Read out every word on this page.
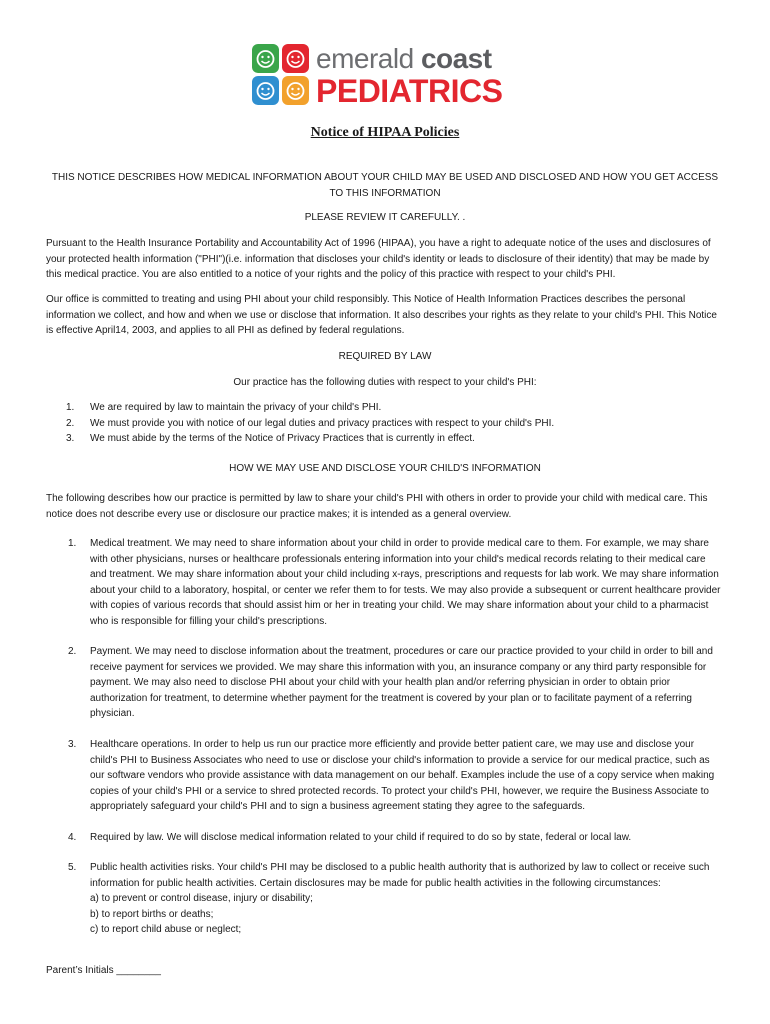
emerald coast
PEDIATRICS
Notice of HIPAA Policies
THIS NOTICE DESCRIBES HOW MEDICAL INFORMATION ABOUT YOUR CHILD MAY BE USED AND DISCLOSED AND HOW YOU GET ACCESS TO THIS INFORMATION
PLEASE REVIEW IT CAREFULLY. .
Pursuant to the Health Insurance Portability and Accountability Act of 1996 (HIPAA), you have a right to adequate notice of the uses and disclosures of your protected health information ("PHI")(i.e. information that discloses your child's identity or leads to disclosure of their identity) that may be made by this medical practice. You are also entitled to a notice of your rights and the policy of this practice with respect to your child's PHI.
Our office is committed to treating and using PHI about your child responsibly. This Notice of Health Information Practices describes the personal information we collect, and how and when we use or disclose that information. It also describes your rights as they relate to your child's PHI. This Notice is effective April14, 2003, and applies to all PHI as defined by federal regulations.
REQUIRED BY LAW
Our practice has the following duties with respect to your child's PHI:
1. We are required by law to maintain the privacy of your child's PHI.
2. We must provide you with notice of our legal duties and privacy practices with respect to your child's PHI.
3. We must abide by the terms of the Notice of Privacy Practices that is currently in effect.
HOW WE MAY USE AND DISCLOSE YOUR CHILD'S INFORMATION
The following describes how our practice is permitted by law to share your child's PHI with others in order to provide your child with medical care. This notice does not describe every use or disclosure our practice makes; it is intended as a general overview.
1. Medical treatment. We may need to share information about your child in order to provide medical care to them. For example, we may share with other physicians, nurses or healthcare professionals entering information into your child's medical records relating to their medical care and treatment. We may share information about your child including x-rays, prescriptions and requests for lab work. We may share information about your child to a laboratory, hospital, or center we refer them to for tests. We may also provide a subsequent or current healthcare provider with copies of various records that should assist him or her in treating your child. We may share information about your child to a pharmacist who is responsible for filling your child's prescriptions.
2. Payment. We may need to disclose information about the treatment, procedures or care our practice provided to your child in order to bill and receive payment for services we provided. We may share this information with you, an insurance company or any third party responsible for payment. We may also need to disclose PHI about your child with your health plan and/or referring physician in order to obtain prior authorization for treatment, to determine whether payment for the treatment is covered by your plan or to facilitate payment of a referring physician.
3. Healthcare operations. In order to help us run our practice more efficiently and provide better patient care, we may use and disclose your child's PHI to Business Associates who need to use or disclose your child's information to provide a service for our medical practice, such as our software vendors who provide assistance with data management on our behalf. Examples include the use of a copy service when making copies of your child's PHI or a service to shred protected records. To protect your child's PHI, however, we require the Business Associate to appropriately safeguard your child's PHI and to sign a business agreement stating they agree to the safeguards.
4. Required by law. We will disclose medical information related to your child if required to do so by state, federal or local law.
5. Public health activities risks. Your child's PHI may be disclosed to a public health authority that is authorized by law to collect or receive such information for public health activities. Certain disclosures may be made for public health activities in the following circumstances:
a) to prevent or control disease, injury or disability;
b) to report births or deaths;
c) to report child abuse or neglect;
Parent’s Initials ________
